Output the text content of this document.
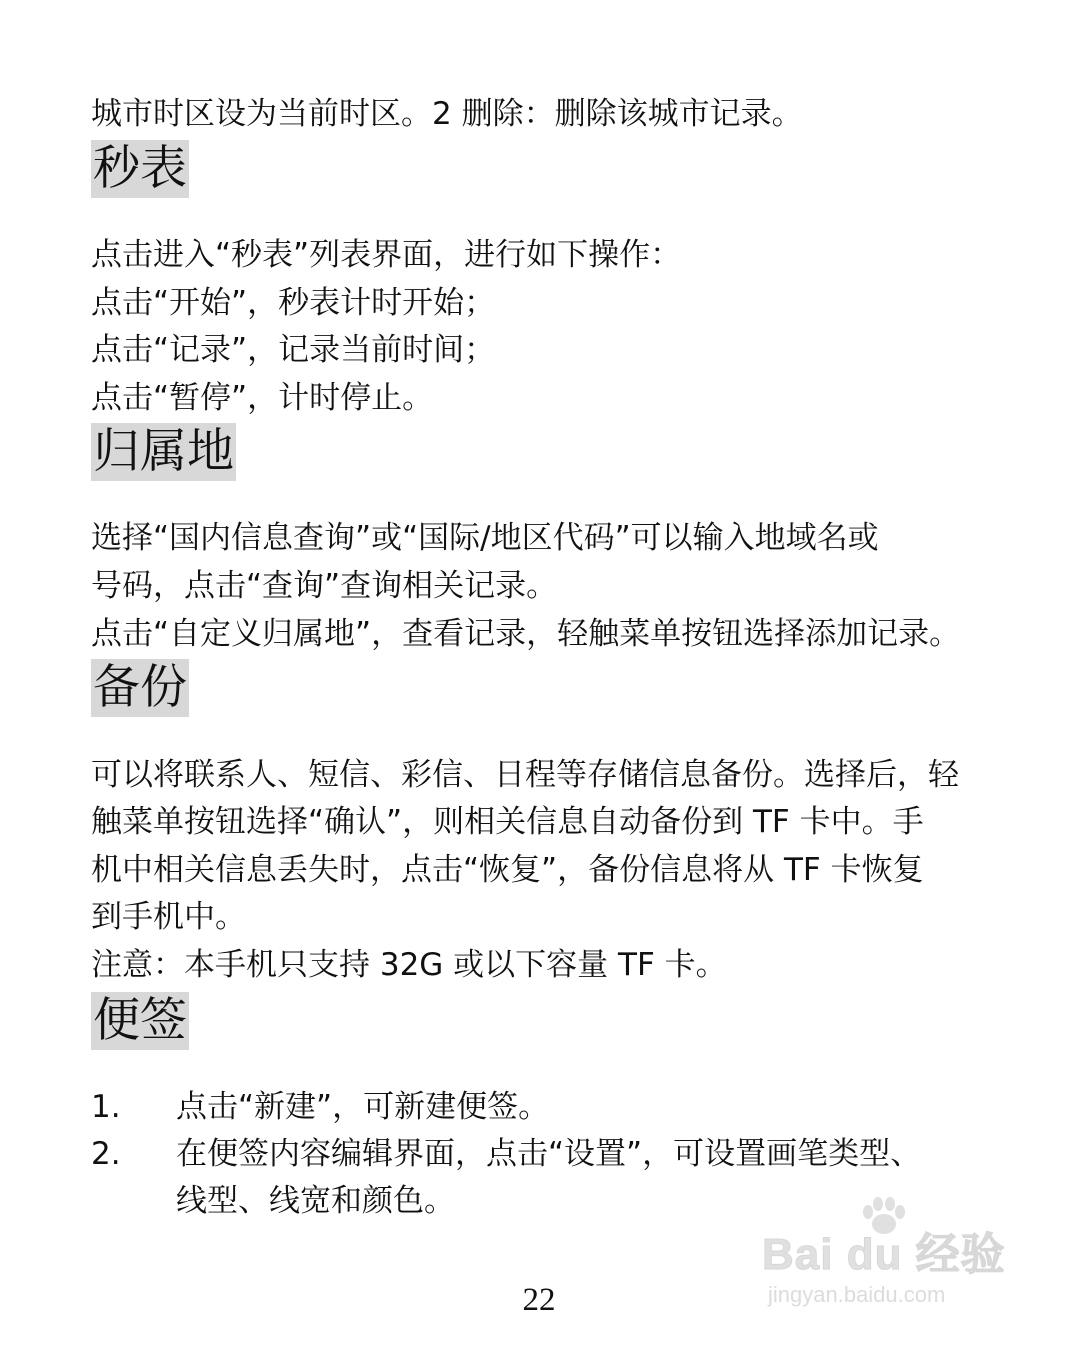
城市时区设为当前时区。2 删除：删除该城市记录。
秒表
点击进入“秒表”列表界面，进行如下操作：
点击“开始”，秒表计时开始；
点击“记录”，记录当前时间；
点击“暂停”，计时停止。
归属地
选择“国内信息查询”或“国际/地区代码”可以输入地域名或
号码，点击“查询”查询相关记录。
点击“自定义归属地”，查看记录，轻触菜单按钮选择添加记录。
备份
可以将联系人、短信、彩信、日程等存储信息备份。选择后，轻
触菜单按钮选择“确认”，则相关信息自动备份到 TF 卡中。手
机中相关信息丢失时，点击“恢复”，备份信息将从 TF 卡恢复
到手机中。
注意：本手机只支持 32G 或以下容量 TF 卡。
便签
1. 点击“新建”，可新建便签。
2. 在便签内容编辑界面，点击“设置”，可设置画笔类型、
线型、线宽和颜色。
22
Bai du 经验
jingyan.baidu.com
